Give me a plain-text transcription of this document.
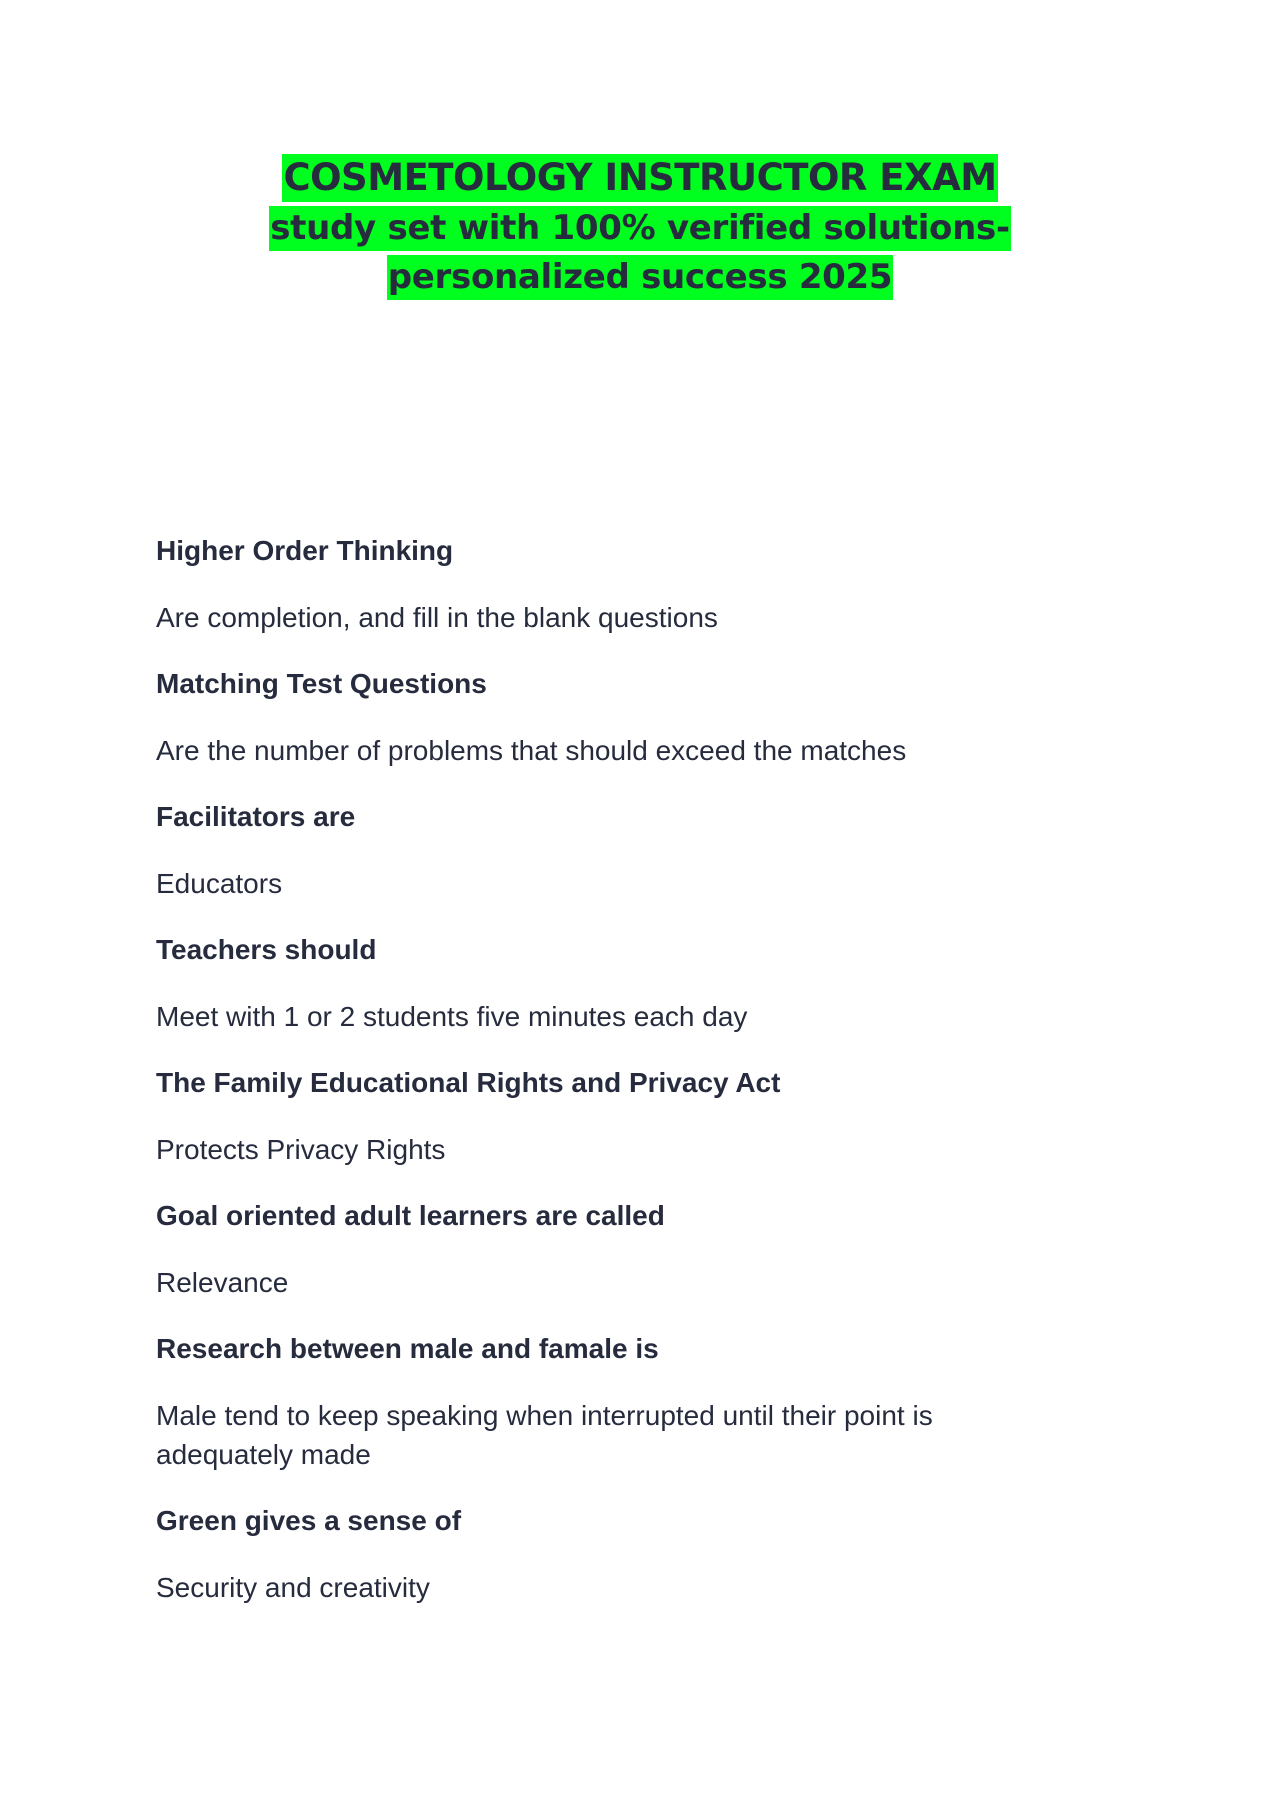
COSMETOLOGY INSTRUCTOR EXAM

study set with 100% verified solutions-personalized success 2025

Higher Order Thinking

Are completion, and fill in the blank questions

Matching Test Questions

Are the number of problems that should exceed the matches

Facilitators are

Educators

Teachers should

Meet with 1 or 2 students five minutes each day

The Family Educational Rights and Privacy Act

Protects Privacy Rights

Goal oriented adult learners are called

Relevance

Research between male and famale is

Male tend to keep speaking when interrupted until their point is adequately made

Green gives a sense of

Security and creativity
